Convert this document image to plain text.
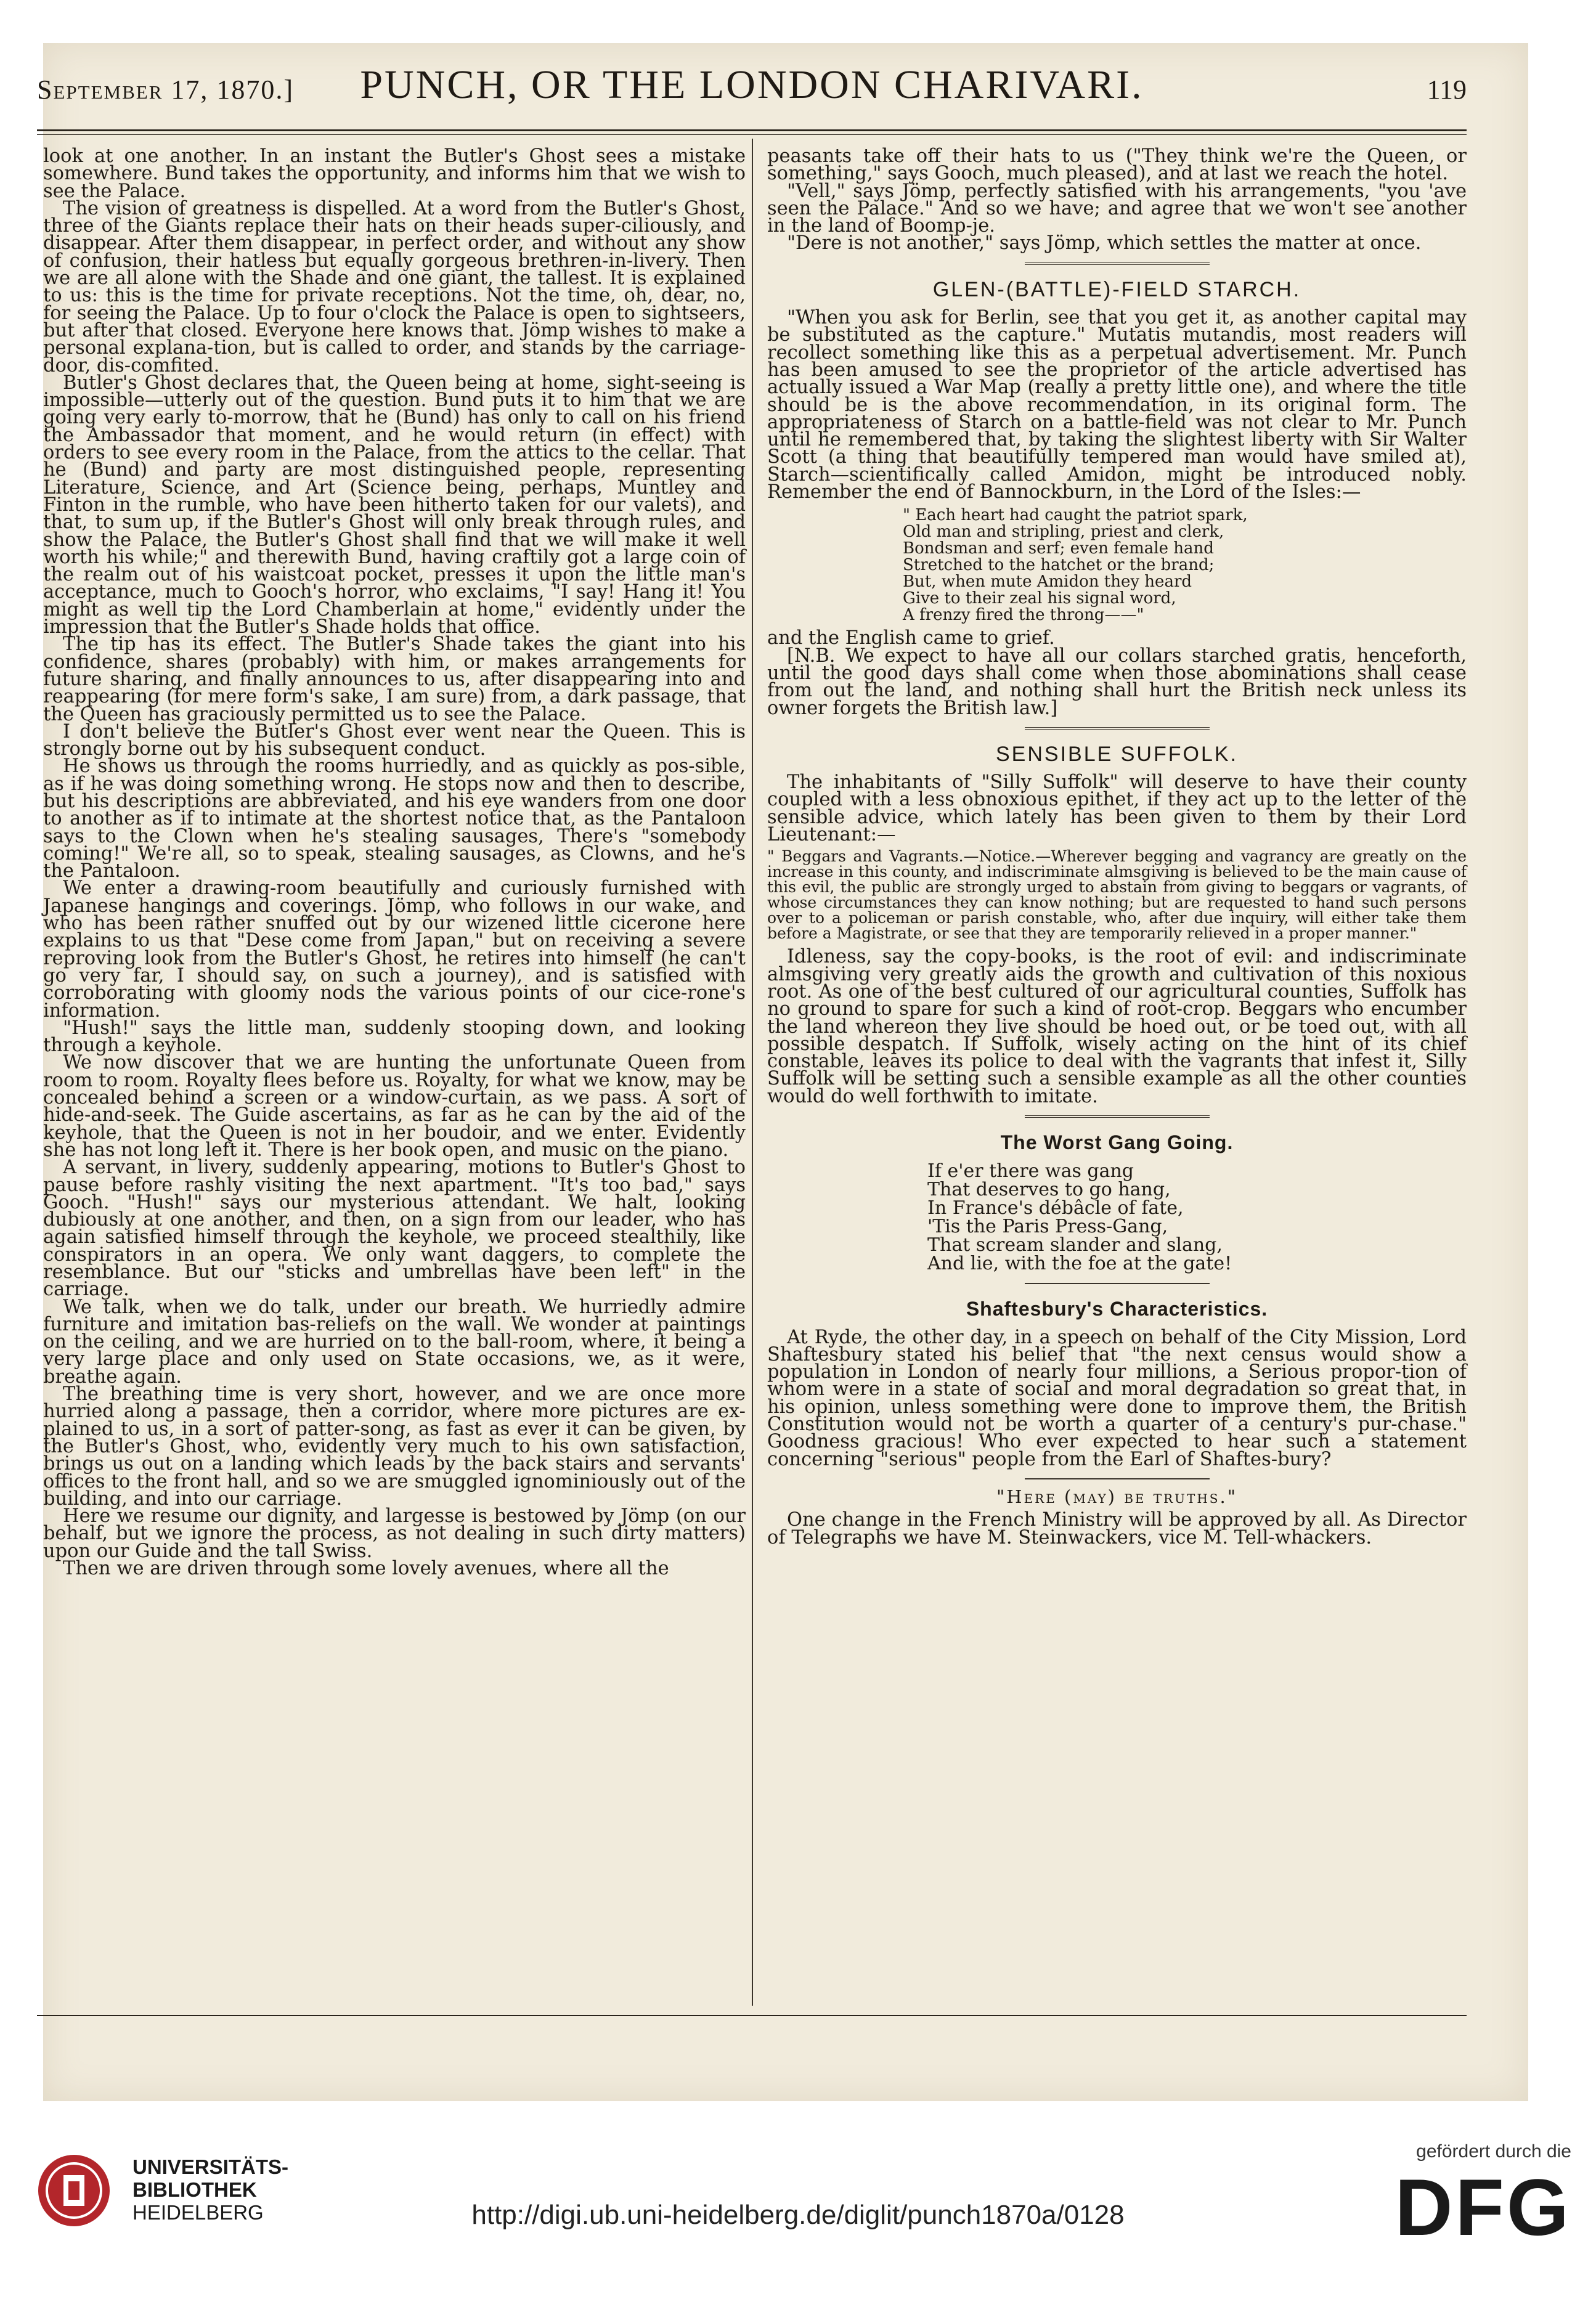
September 17, 1870.]	PUNCH, OR THE LONDON CHARIVARI.	119

look at one another. In an instant the Butler's Ghost sees a mistake somewhere. Bund takes the opportunity, and informs him that we wish to see the Palace.

The vision of greatness is dispelled. At a word from the Butler's Ghost, three of the Giants replace their hats on their heads super-ciliously, and disappear. After them disappear, in perfect order, and without any show of confusion, their hatless but equally gorgeous brethren-in-livery. Then we are all alone with the Shade and one giant, the tallest. It is explained to us: this is the time for private receptions. Not the time, oh, dear, no, for seeing the Palace. Up to four o'clock the Palace is open to sightseers, but after that closed. Everyone here knows that. Jömp wishes to make a personal explana-tion, but is called to order, and stands by the carriage-door, dis-comfited.

Butler's Ghost declares that, the Queen being at home, sight-seeing is impossible—utterly out of the question. Bund puts it to him that we are going very early to-morrow, that he (Bund) has only to call on his friend the Ambassador that moment, and he would return (in effect) with orders to see every room in the Palace, from the attics to the cellar. That he (Bund) and party are most distinguished people, representing Literature, Science, and Art (Science being, perhaps, Muntley and Finton in the rumble, who have been hitherto taken for our valets), and that, to sum up, if the Butler's Ghost will only break through rules, and show the Palace, the Butler's Ghost shall find that we will make it well worth his while;" and therewith Bund, having craftily got a large coin of the realm out of his waistcoat pocket, presses it upon the little man's acceptance, much to Gooch's horror, who exclaims, "I say! Hang it! You might as well tip the Lord Chamberlain at home," evidently under the impression that the Butler's Shade holds that office.

The tip has its effect. The Butler's Shade takes the giant into his confidence, shares (probably) with him, or makes arrangements for future sharing, and finally announces to us, after disappearing into and reappearing (for mere form's sake, I am sure) from, a dark passage, that the Queen has graciously permitted us to see the Palace.

I don't believe the Butler's Ghost ever went near the Queen. This is strongly borne out by his subsequent conduct.

He shows us through the rooms hurriedly, and as quickly as pos-sible, as if he was doing something wrong. He stops now and then to describe, but his descriptions are abbreviated, and his eye wanders from one door to another as if to intimate at the shortest notice that, as the Pantaloon says to the Clown when he's stealing sausages, There's "somebody coming!" We're all, so to speak, stealing sausages, as Clowns, and he's the Pantaloon.

We enter a drawing-room beautifully and curiously furnished with Japanese hangings and coverings. Jömp, who follows in our wake, and who has been rather snuffed out by our wizened little cicerone here explains to us that "Dese come from Japan," but on receiving a severe reproving look from the Butler's Ghost, he retires into himself (he can't go very far, I should say, on such a journey), and is satisfied with corroborating with gloomy nods the various points of our cice-rone's information.

"Hush!" says the little man, suddenly stooping down, and looking through a keyhole.

We now discover that we are hunting the unfortunate Queen from room to room. Royalty flees before us. Royalty, for what we know, may be concealed behind a screen or a window-curtain, as we pass. A sort of hide-and-seek. The Guide ascertains, as far as he can by the aid of the keyhole, that the Queen is not in her boudoir, and we enter. Evidently she has not long left it. There is her book open, and music on the piano.

A servant, in livery, suddenly appearing, motions to Butler's Ghost to pause before rashly visiting the next apartment. "It's too bad," says Gooch. "Hush!" says our mysterious attendant. We halt, looking dubiously at one another, and then, on a sign from our leader, who has again satisfied himself through the keyhole, we proceed stealthily, like conspirators in an opera. We only want daggers, to complete the resemblance. But our "sticks and umbrellas have been left" in the carriage.

We talk, when we do talk, under our breath. We hurriedly admire furniture and imitation bas-reliefs on the wall. We wonder at paintings on the ceiling, and we are hurried on to the ball-room, where, it being a very large place and only used on State occasions, we, as it were, breathe again.

The breathing time is very short, however, and we are once more hurried along a passage, then a corridor, where more pictures are ex-plained to us, in a sort of patter-song, as fast as ever it can be given, by the Butler's Ghost, who, evidently very much to his own satisfaction, brings us out on a landing which leads by the back stairs and servants' offices to the front hall, and so we are smuggled ignominiously out of the building, and into our carriage.

Here we resume our dignity, and largesse is bestowed by Jömp (on our behalf, but we ignore the process, as not dealing in such dirty matters) upon our Guide and the tall Swiss.

Then we are driven through some lovely avenues, where all the

peasants take off their hats to us ("They think we're the Queen, or something," says Gooch, much pleased), and at last we reach the hotel.

"Vell," says Jömp, perfectly satisfied with his arrangements, "you 'ave seen the Palace." And so we have; and agree that we won't see another in the land of Boomp-je.

"Dere is not another," says Jömp, which settles the matter at once.

GLEN-(BATTLE)-FIELD STARCH.

"When you ask for Berlin, see that you get it, as another capital may be substituted as the capture." Mutatis mutandis, most readers will recollect something like this as a perpetual advertisement. Mr. Punch has been amused to see the proprietor of the article advertised has actually issued a War Map (really a pretty little one), and where the title should be is the above recommendation, in its original form. The appropriateness of Starch on a battle-field was not clear to Mr. Punch until he remembered that, by taking the slightest liberty with Sir Walter Scott (a thing that beautifully tempered man would have smiled at), Starch—scientifically called Amidon, might be introduced nobly. Remember the end of Bannockburn, in the Lord of the Isles:—

" Each heart had caught the patriot spark,
Old man and stripling, priest and clerk,
Bondsman and serf; even female hand
Stretched to the hatchet or the brand;
But, when mute Amidon they heard
Give to their zeal his signal word,
A frenzy fired the throng——"

and the English came to grief.

[N.B. We expect to have all our collars starched gratis, henceforth, until the good days shall come when those abominations shall cease from out the land, and nothing shall hurt the British neck unless its owner forgets the British law.]

SENSIBLE SUFFOLK.

The inhabitants of "Silly Suffolk" will deserve to have their county coupled with a less obnoxious epithet, if they act up to the letter of the sensible advice, which lately has been given to them by their Lord Lieutenant:—

" Beggars and Vagrants.—Notice.—Wherever begging and vagrancy are greatly on the increase in this county, and indiscriminate almsgiving is believed to be the main cause of this evil, the public are strongly urged to abstain from giving to beggars or vagrants, of whose circumstances they can know nothing; but are requested to hand such persons over to a policeman or parish constable, who, after due inquiry, will either take them before a Magistrate, or see that they are temporarily relieved in a proper manner."

Idleness, say the copy-books, is the root of evil: and indiscriminate almsgiving very greatly aids the growth and cultivation of this noxious root. As one of the best cultured of our agricultural counties, Suffolk has no ground to spare for such a kind of root-crop. Beggars who encumber the land whereon they live should be hoed out, or be toed out, with all possible despatch. If Suffolk, wisely acting on the hint of its chief constable, leaves its police to deal with the vagrants that infest it, Silly Suffolk will be setting such a sensible example as all the other counties would do well forthwith to imitate.

The Worst Gang Going.
If e'er there was gang
That deserves to go hang,
In France's débâcle of fate,
'Tis the Paris Press-Gang,
That scream slander and slang,
And lie, with the foe at the gate!
Shaftesbury's Characteristics.

At Ryde, the other day, in a speech on behalf of the City Mission, Lord Shaftesbury stated his belief that "the next census would show a population in London of nearly four millions, a Serious propor-tion of whom were in a state of social and moral degradation so great that, in his opinion, unless something were done to improve them, the British Constitution would not be worth a quarter of a century's pur-chase." Goodness gracious! Who ever expected to hear such a statement concerning "serious" people from the Earl of Shaftes-bury?

"Here (may) be truths."

One change in the French Ministry will be approved by all. As Director of Telegraphs we have M. Steinwackers, vice M. Tell-whackers.

UNIVERSITÄTS-
BIBLIOTHEK
HEIDELBERG	http://digi.ub.uni-heidelberg.de/diglit/punch1870a/0128
gefördert durch die
DFG
